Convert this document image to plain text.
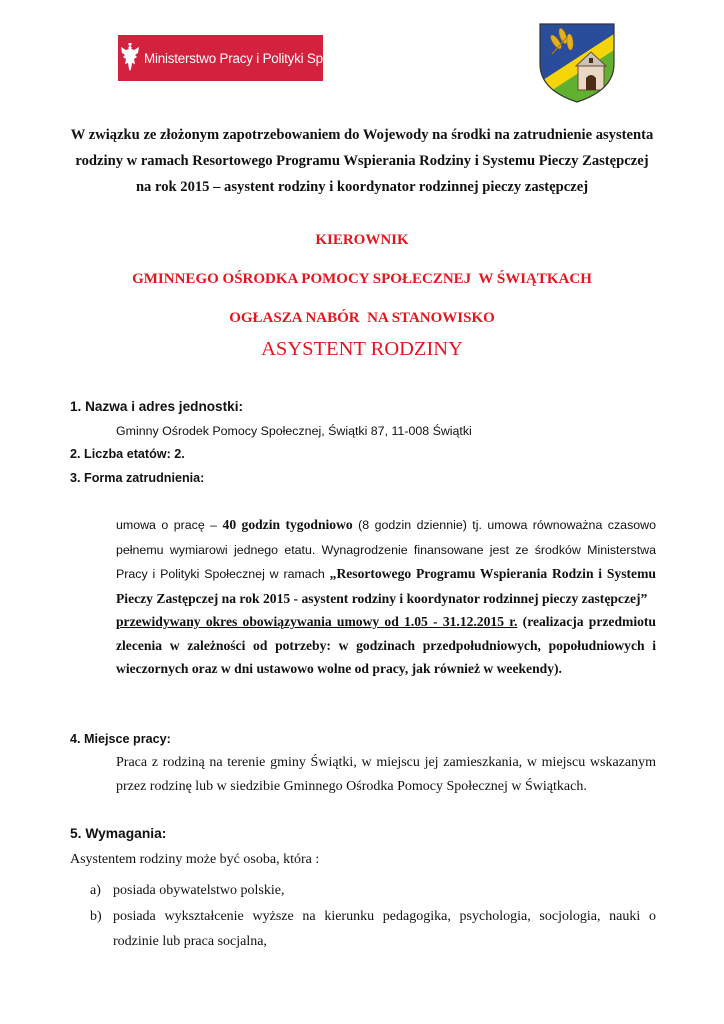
Ministerstwo Pracy i Polityki Społecznej

W związku ze złożonym zapotrzebowaniem do Wojewody na środki na zatrudnienie asystenta rodziny w ramach Resortowego Programu Wspierania Rodziny i Systemu Pieczy Zastępczej na rok 2015 – asystent rodziny i koordynator rodzinnej pieczy zastępczej

KIEROWNIK

GMINNEGO OŚRODKA POMOCY SPOŁECZNEJ  W ŚWIĄTKACH

OGŁASZA NABÓR  NA STANOWISKO

ASYSTENT RODZINY

1. Nazwa i adres jednostki:

Gminny Ośrodek Pomocy Społecznej, Świątki 87, 11-008 Świątki

2. Liczba etatów: 2.

3. Forma zatrudnienia:

umowa o pracę – 40 godzin tygodniowo (8 godzin dziennie) tj. umowa równoważna czasowo pełnemu wymiarowi jednego etatu. Wynagrodzenie finansowane jest ze środków Ministerstwa Pracy i Polityki Społecznej w ramach „Resortowego Programu Wspierania Rodzin i Systemu Pieczy Zastępczej na rok 2015 - asystent rodziny i koordynator rodzinnej pieczy zastępczej”
przewidywany okres obowiązywania umowy od 1.05 - 31.12.2015 r. (realizacja przedmiotu zlecenia w zależności od potrzeby: w godzinach przedpołudniowych, popołudniowych i wieczornych oraz w dni ustawowo wolne od pracy, jak również w weekendy).

4. Miejsce pracy:

Praca z rodziną na terenie gminy Świątki, w miejscu jej zamieszkania, w miejscu wskazanym przez rodzinę lub w siedzibie Gminnego Ośrodka Pomocy Społecznej w Świątkach.

5. Wymagania:

Asystentem rodziny może być osoba, która :

a) posiada obywatelstwo polskie,
b) posiada wykształcenie wyższe na kierunku pedagogika, psychologia, socjologia, nauki o rodzinie lub praca socjalna,
